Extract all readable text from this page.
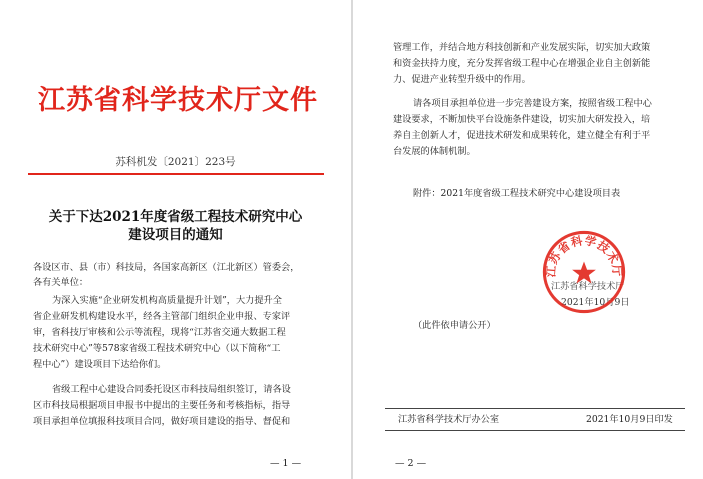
江苏省科学技术厅文件
苏科机发〔2021〕223号
关于下达2021年度省级工程技术研究中心
建设项目的通知
各设区市、县（市）科技局，各国家高新区（江北新区）管委会，
各有关单位：
为深入实施“企业研发机构高质量提升计划”，大力提升全
省企业研发机构建设水平，经各主管部门组织企业申报、专家评
审，省科技厅审核和公示等流程，现将“江苏省交通大数据工程
技术研究中心”等578家省级工程技术研究中心（以下简称“工
程中心”）建设项目下达给你们。
省级工程中心建设合同委托设区市科技局组织签订，请各设
区市科技局根据项目申报书中提出的主要任务和考核指标，指导
项目承担单位填报科技项目合同，做好项目建设的指导、督促和
— 1 —
管理工作，并结合地方科技创新和产业发展实际，切实加大政策
和资金扶持力度，充分发挥省级工程中心在增强企业自主创新能
力、促进产业转型升级中的作用。
请各项目承担单位进一步完善建设方案，按照省级工程中心
建设要求，不断加快平台设施条件建设，切实加大研发投入，培
养自主创新人才，促进技术研发和成果转化，建立健全有利于平
台发展的体制机制。
附件：2021年度省级工程技术研究中心建设项目表
江苏省科学技术厅
2021年10月9日
江苏省科学技术厅
（此件依申请公开）
江苏省科学技术厅办公室	2021年10月9日印发
— 2 —
